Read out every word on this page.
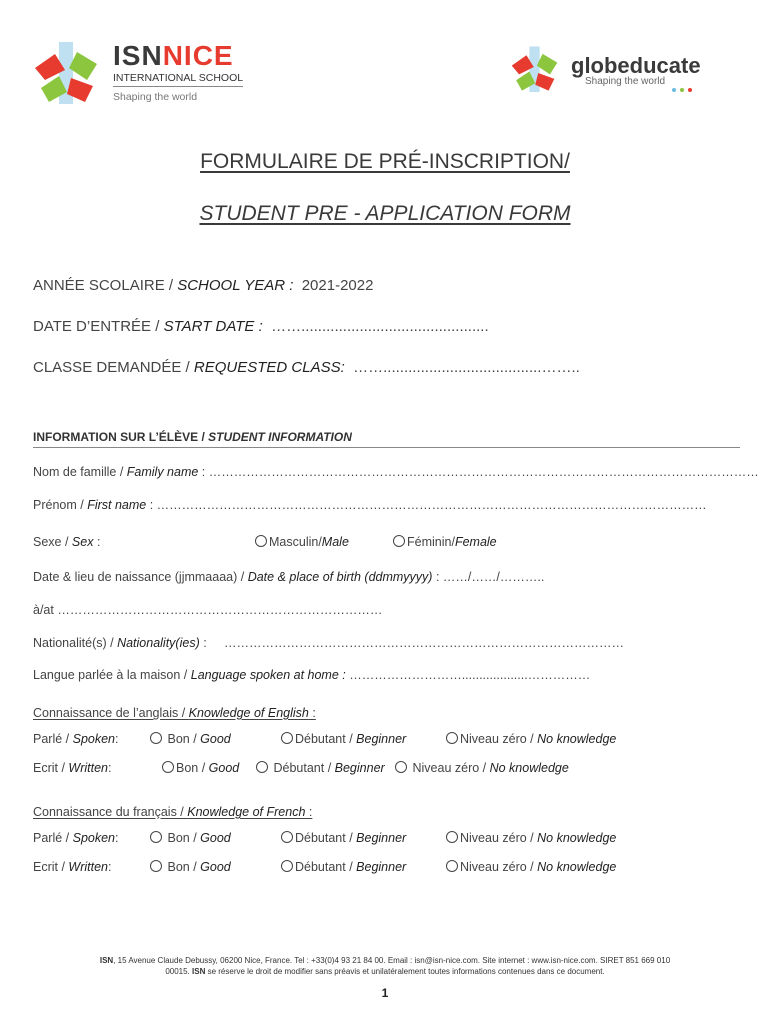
ISNNICE
INTERNATIONAL SCHOOL
Shaping the world
globeducate
Shaping the world
FORMULAIRE DE PRÉ-INSCRIPTION/
STUDENT PRE - APPLICATION FORM
ANNÉE SCOLAIRE / SCHOOL YEAR : 2021-2022
DATE D’ENTRÉE / START DATE : …….............................................
CLASSE DEMANDÉE / REQUESTED CLASS: ……......................................……..
INFORMATION SUR L’ÉLÈVE / STUDENT INFORMATION
Nom de famille / Family name : ……………………………………………………………………………………………………………………
Prénom / First name : ……………………………………………………………………………………………………………………
Sexe / Sex :	Masculin/Male	Féminin/Female
Date & lieu de naissance (jjmmaaaa) / Date & place of birth (ddmmyyyy) : ……/……/………..
à/at ……………………………………………………………………
Nationalité(s) / Nationality(ies) :     ……………………………………………………………………………………
Langue parlée à la maison / Language spoken at home : ………………………...................……………
Connaissance de l’anglais / Knowledge of English :
Parlé / Spoken:	Bon / Good	Débutant / Beginner	Niveau zéro / No knowledge
Ecrit / Written:	Bon / Good	Débutant / Beginner	Niveau zéro / No knowledge
Connaissance du français / Knowledge of French :
Parlé / Spoken:	Bon / Good	Débutant / Beginner	Niveau zéro / No knowledge
Ecrit / Written:	Bon / Good	Débutant / Beginner	Niveau zéro / No knowledge
ISN, 15 Avenue Claude Debussy, 06200 Nice, France. Tel : +33(0)4 93 21 84 00. Email : isn@isn-nice.com. Site internet : www.isn-nice.com. SIRET 851 669 010
00015. ISN se réserve le droit de modifier sans préavis et unilatéralement toutes informations contenues dans ce document.
1
